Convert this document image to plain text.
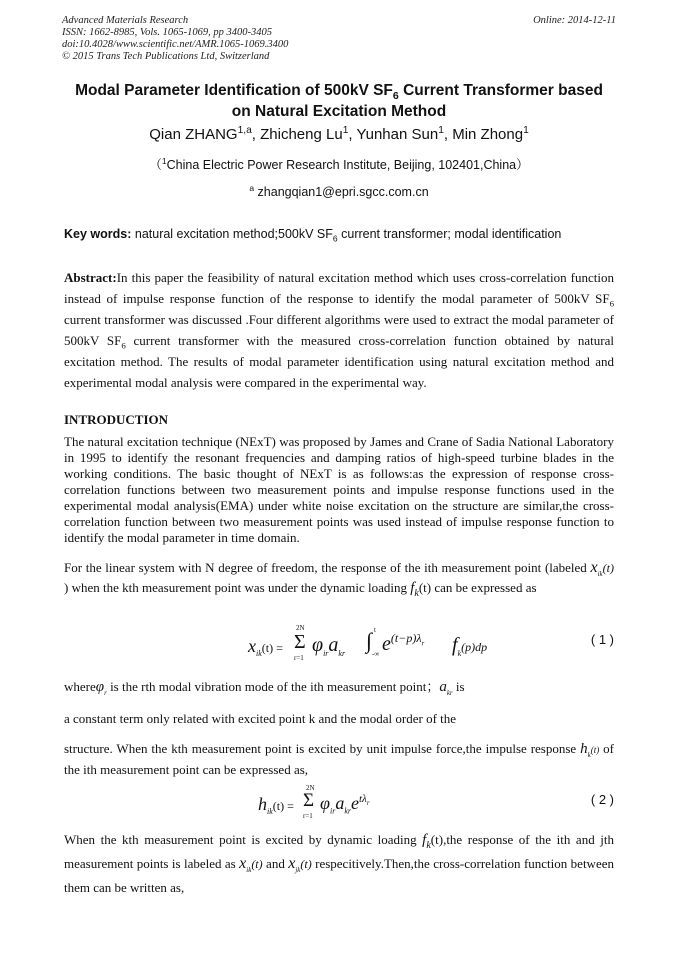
Advanced Materials Research
ISSN: 1662-8985, Vols. 1065-1069, pp 3400-3405
doi:10.4028/www.scientific.net/AMR.1065-1069.3400
© 2015 Trans Tech Publications Ltd, Switzerland
Online: 2014-12-11
Modal Parameter Identification of 500kV $SF_6$ Current Transformer based
on Natural Excitation Method
Qian ZHANG$^{1,a}$, Zhicheng Lu$^1$, Yunhan Sun$^1$, Min Zhong$^1$
（$^1$China Electric Power Research Institute, Beijing, 102401,China）
$^a$ zhangqian1@epri.sgcc.com.cn
Key words: natural excitation method;500kV $SF_6$ current transformer; modal identification
Abstract:In this paper the feasibility of natural excitation method which uses cross-correlation function instead of impulse response function of the response to identify the modal parameter of 500kV $SF_6$ current transformer was discussed .Four different algorithms were used to extract the modal parameter of 500kV $SF_6$ current transformer with the measured cross-correlation function obtained by natural excitation method. The results of modal parameter identification using natural excitation method and experimental modal analysis were compared in the experimental way.
INTRODUCTION
The natural excitation technique (NExT) was proposed by James and Crane of Sadia National Laboratory in 1995 to identify the resonant frequencies and damping ratios of high-speed turbine blades in the working conditions. The basic thought of NExT is as follows:as the expression of response cross-correlation functions between two measurement points and impulse response functions used in the experimental modal analysis(EMA) under white noise excitation on the structure are similar,the cross-correlation function between two measurement points was used instead of impulse response function to identify the modal parameter in time domain.
For the linear system with N degree of freedom, the response of the ith measurement point (labeled $x_{ik}(t)$ ) when the kth measurement point was under the dynamic loading $f_k(t)$ can be expressed as
$x_{ik}(t)$ =
2N
Σ
r=1
$\varphi_{ir}a_{kr}$
t
∫
-∞ $e^{(t-p)\lambda_r}$ $f_k(p)dp$	( 1 )
whereφ$_r$ is the rth modal vibration mode of the ith measurement point；$a_{kr}$ is
a constant term only related with excited point k and the modal order of the
structure. When the kth measurement point is excited by unit impulse force,the impulse response $h_k(t)$ of the ith measurement point can be expressed as,
$h_{ik}(t)$ =
2N
Σ
r=1
$\varphi_{ir}a_{kr}e^{t\lambda_r}$	( 2 )
When the kth measurement point is excited by dynamic loading $f_k(t),the$ response of the ith and jth measurement points is labeled as $x_{ik}(t)$ and $x_{jk}(t)$ respecitively.Then,the cross-correlation function between them can be written as,
